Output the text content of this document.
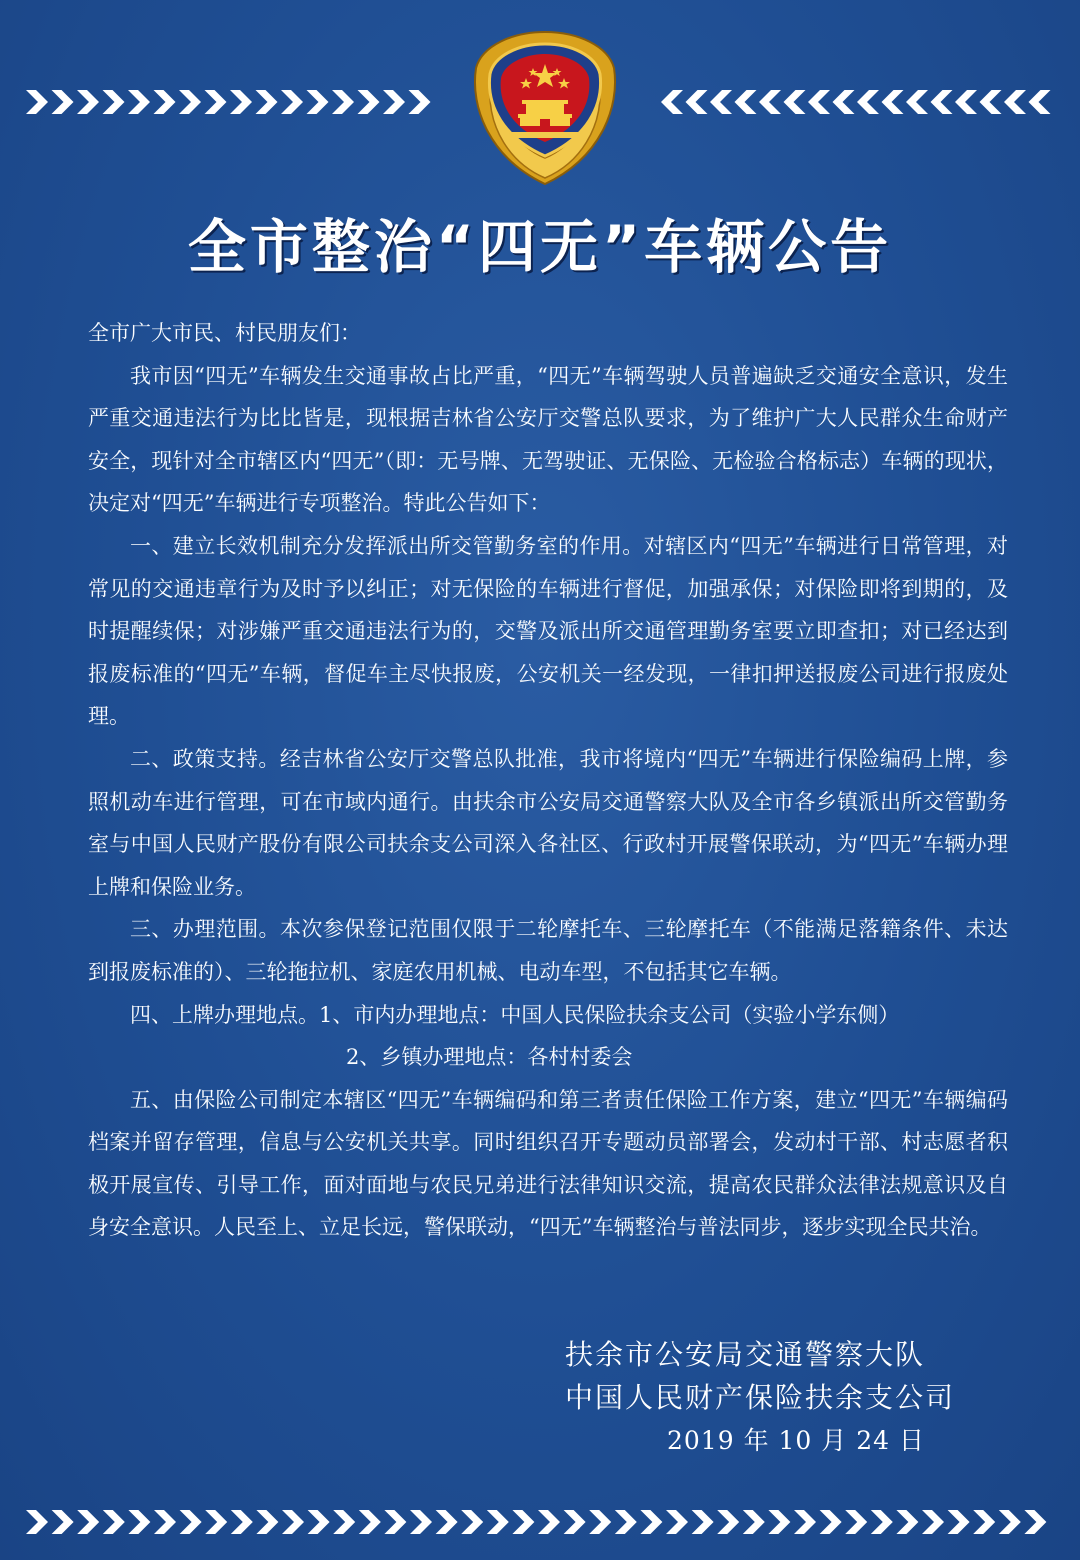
全市整治“四无”车辆公告

全市广大市民、村民朋友们：

我市因“四无”车辆发生交通事故占比严重，“四无”车辆驾驶人员普遍缺乏交通安全意识，发生严重交通违法行为比比皆是，现根据吉林省公安厅交警总队要求，为了维护广大人民群众生命财产安全，现针对全市辖区内“四无”（即：无号牌、无驾驶证、无保险、无检验合格标志）车辆的现状，决定对“四无”车辆进行专项整治。特此公告如下：

一、建立长效机制充分发挥派出所交管勤务室的作用。对辖区内“四无”车辆进行日常管理，对常见的交通违章行为及时予以纠正；对无保险的车辆进行督促，加强承保；对保险即将到期的，及时提醒续保；对涉嫌严重交通违法行为的，交警及派出所交通管理勤务室要立即查扣；对已经达到报废标准的“四无”车辆，督促车主尽快报废，公安机关一经发现，一律扣押送报废公司进行报废处理。

二、政策支持。经吉林省公安厅交警总队批准，我市将境内“四无”车辆进行保险编码上牌，参照机动车进行管理，可在市域内通行。由扶余市公安局交通警察大队及全市各乡镇派出所交管勤务室与中国人民财产股份有限公司扶余支公司深入各社区、行政村开展警保联动，为“四无”车辆办理上牌和保险业务。

三、办理范围。本次参保登记范围仅限于二轮摩托车、三轮摩托车（不能满足落籍条件、未达到报废标准的）、三轮拖拉机、家庭农用机械、电动车型，不包括其它车辆。

四、上牌办理地点。1、市内办理地点：中国人民保险扶余支公司（实验小学东侧）

2、乡镇办理地点：各村村委会

五、由保险公司制定本辖区“四无”车辆编码和第三者责任保险工作方案，建立“四无”车辆编码档案并留存管理，信息与公安机关共享。同时组织召开专题动员部署会，发动村干部、村志愿者积极开展宣传、引导工作，面对面地与农民兄弟进行法律知识交流，提高农民群众法律法规意识及自身安全意识。人民至上、立足长远，警保联动，“四无”车辆整治与普法同步，逐步实现全民共治。

扶余市公安局交通警察大队
中国人民财产保险扶余支公司
2019 年 10 月 24 日
